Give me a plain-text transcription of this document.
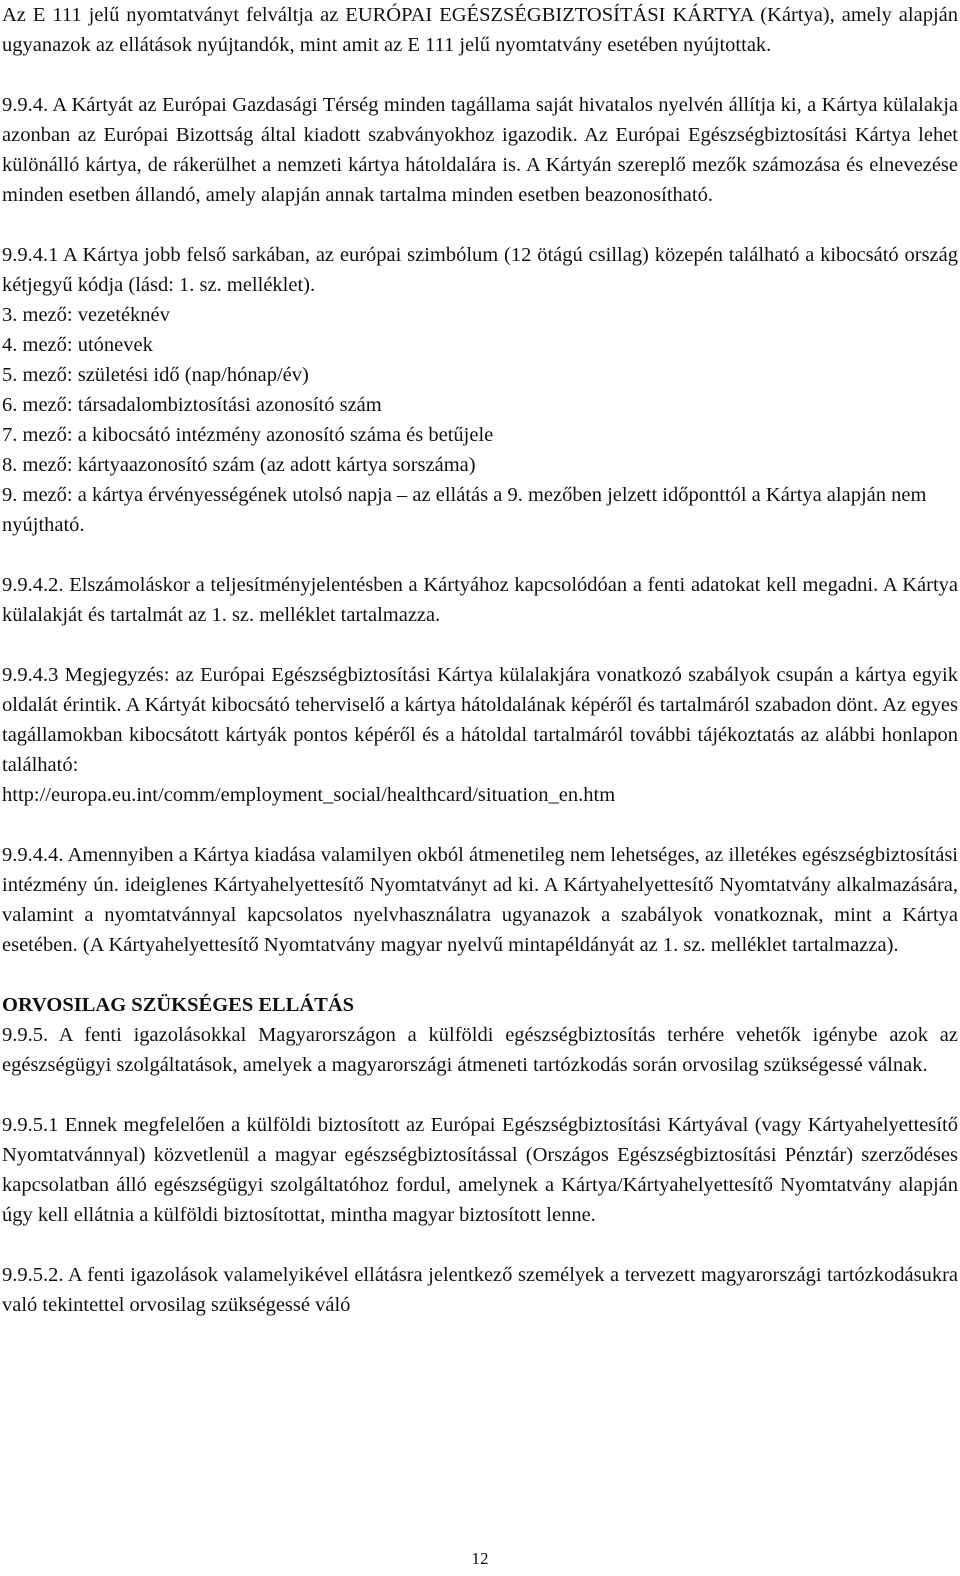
Az E 111 jelű nyomtatványt felváltja az EURÓPAI EGÉSZSÉGBIZTOSÍTÁSI KÁRTYA (Kártya), amely alapján ugyanazok az ellátások nyújtandók, mint amit az E 111 jelű nyomtatvány esetében nyújtottak.

9.9.4. A Kártyát az Európai Gazdasági Térség minden tagállama saját hivatalos nyelvén állítja ki, a Kártya külalakja azonban az Európai Bizottság által kiadott szabványokhoz igazodik. Az Európai Egészségbiztosítási Kártya lehet különálló kártya, de rákerülhet a nemzeti kártya hátoldalára is. A Kártyán szereplő mezők számozása és elnevezése minden esetben állandó, amely alapján annak tartalma minden esetben beazonosítható.

9.9.4.1 A Kártya jobb felső sarkában, az európai szimbólum (12 ötágú csillag) közepén található a kibocsátó ország kétjegyű kódja (lásd: 1. sz. melléklet).

3. mező: vezetéknév

4. mező: utónevek

5. mező: születési idő (nap/hónap/év)

6. mező: társadalombiztosítási azonosító szám

7. mező: a kibocsátó intézmény azonosító száma és betűjele

8. mező: kártyaazonosító szám (az adott kártya sorszáma)

9. mező: a kártya érvényességének utolsó napja – az ellátás a 9. mezőben jelzett időponttól a Kártya alapján nem nyújtható.

9.9.4.2. Elszámoláskor a teljesítményjelentésben a Kártyához kapcsolódóan a fenti adatokat kell megadni. A Kártya külalakját és tartalmát az 1. sz. melléklet tartalmazza.

9.9.4.3 Megjegyzés: az Európai Egészségbiztosítási Kártya külalakjára vonatkozó szabályok csupán a kártya egyik oldalát érintik. A Kártyát kibocsátó teherviselő a kártya hátoldalának képéről és tartalmáról szabadon dönt. Az egyes tagállamokban kibocsátott kártyák pontos képéről és a hátoldal tartalmáról további tájékoztatás az alábbi honlapon található:

http://europa.eu.int/comm/employment_social/healthcard/situation_en.htm

9.9.4.4. Amennyiben a Kártya kiadása valamilyen okból átmenetileg nem lehetséges, az illetékes egészségbiztosítási intézmény ún. ideiglenes Kártyahelyettesítő Nyomtatványt ad ki. A Kártyahelyettesítő Nyomtatvány alkalmazására, valamint a nyomtatvánnyal kapcsolatos nyelvhasználatra ugyanazok a szabályok vonatkoznak, mint a Kártya esetében. (A Kártyahelyettesítő Nyomtatvány magyar nyelvű mintapéldányát az 1. sz. melléklet tartalmazza).

ORVOSILAG SZÜKSÉGES ELLÁTÁS

9.9.5. A fenti igazolásokkal Magyarországon a külföldi egészségbiztosítás terhére vehetők igénybe azok az egészségügyi szolgáltatások, amelyek a magyarországi átmeneti tartózkodás során orvosilag szükségessé válnak.

9.9.5.1 Ennek megfelelően a külföldi biztosított az Európai Egészségbiztosítási Kártyával (vagy Kártyahelyettesítő Nyomtatvánnyal) közvetlenül a magyar egészségbiztosítással (Országos Egészségbiztosítási Pénztár) szerződéses kapcsolatban álló egészségügyi szolgáltatóhoz fordul, amelynek a Kártya/Kártyahelyettesítő Nyomtatvány alapján úgy kell ellátnia a külföldi biztosítottat, mintha magyar biztosított lenne.

9.9.5.2. A fenti igazolások valamelyikével ellátásra jelentkező személyek a tervezett magyarországi tartózkodásukra való tekintettel orvosilag szükségessé váló

12
